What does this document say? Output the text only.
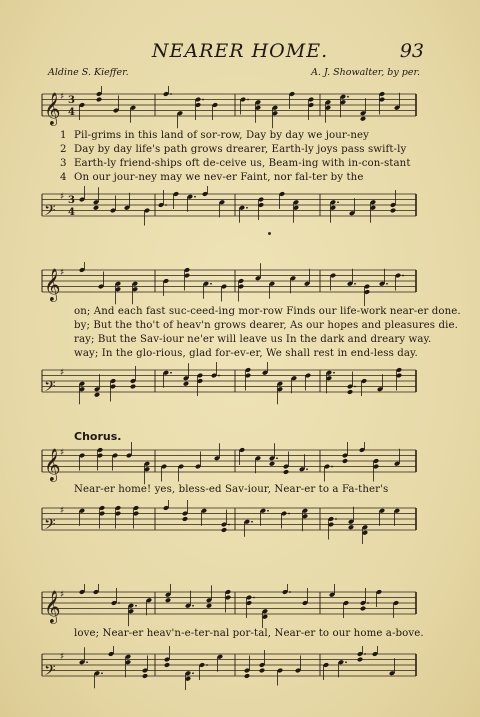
NEARER HOME.	93
Aldine S. Kieffer.	A. J. Showalter, by per.
𝄞 ♯ 3
4
1 Pil-grims in this land of sor-row, Day by day we jour-ney
2 Day by day life's path grows drearer, Earth-ly joys pass swift-ly
3 Earth-ly friend-ships oft de-ceive us, Beam-ing with in-con-stant
4 On our jour-ney may we nev-er Faint, nor fal-ter by the
𝄢
♯ 3
4
𝄞 ♯
on; And each fast suc-ceed-ing mor-row Finds our life-work near-er done.
by; But the tho't of heav'n grows dearer, As our hopes and pleasures die.
ray; But the Sav-iour ne'er will leave us In the dark and dreary way.
way; In the glo-rious, glad for-ev-er, We shall rest in end-less day.
𝄢
♯
Chorus.
𝄞 ♯
Near-er home! yes, bless-ed Sav-iour, Near-er to a Fa-ther's
𝄢
♯
𝄞 ♯
love; Near-er heav'n-e-ter-nal por-tal, Near-er to our home a-bove.
𝄢
♯
